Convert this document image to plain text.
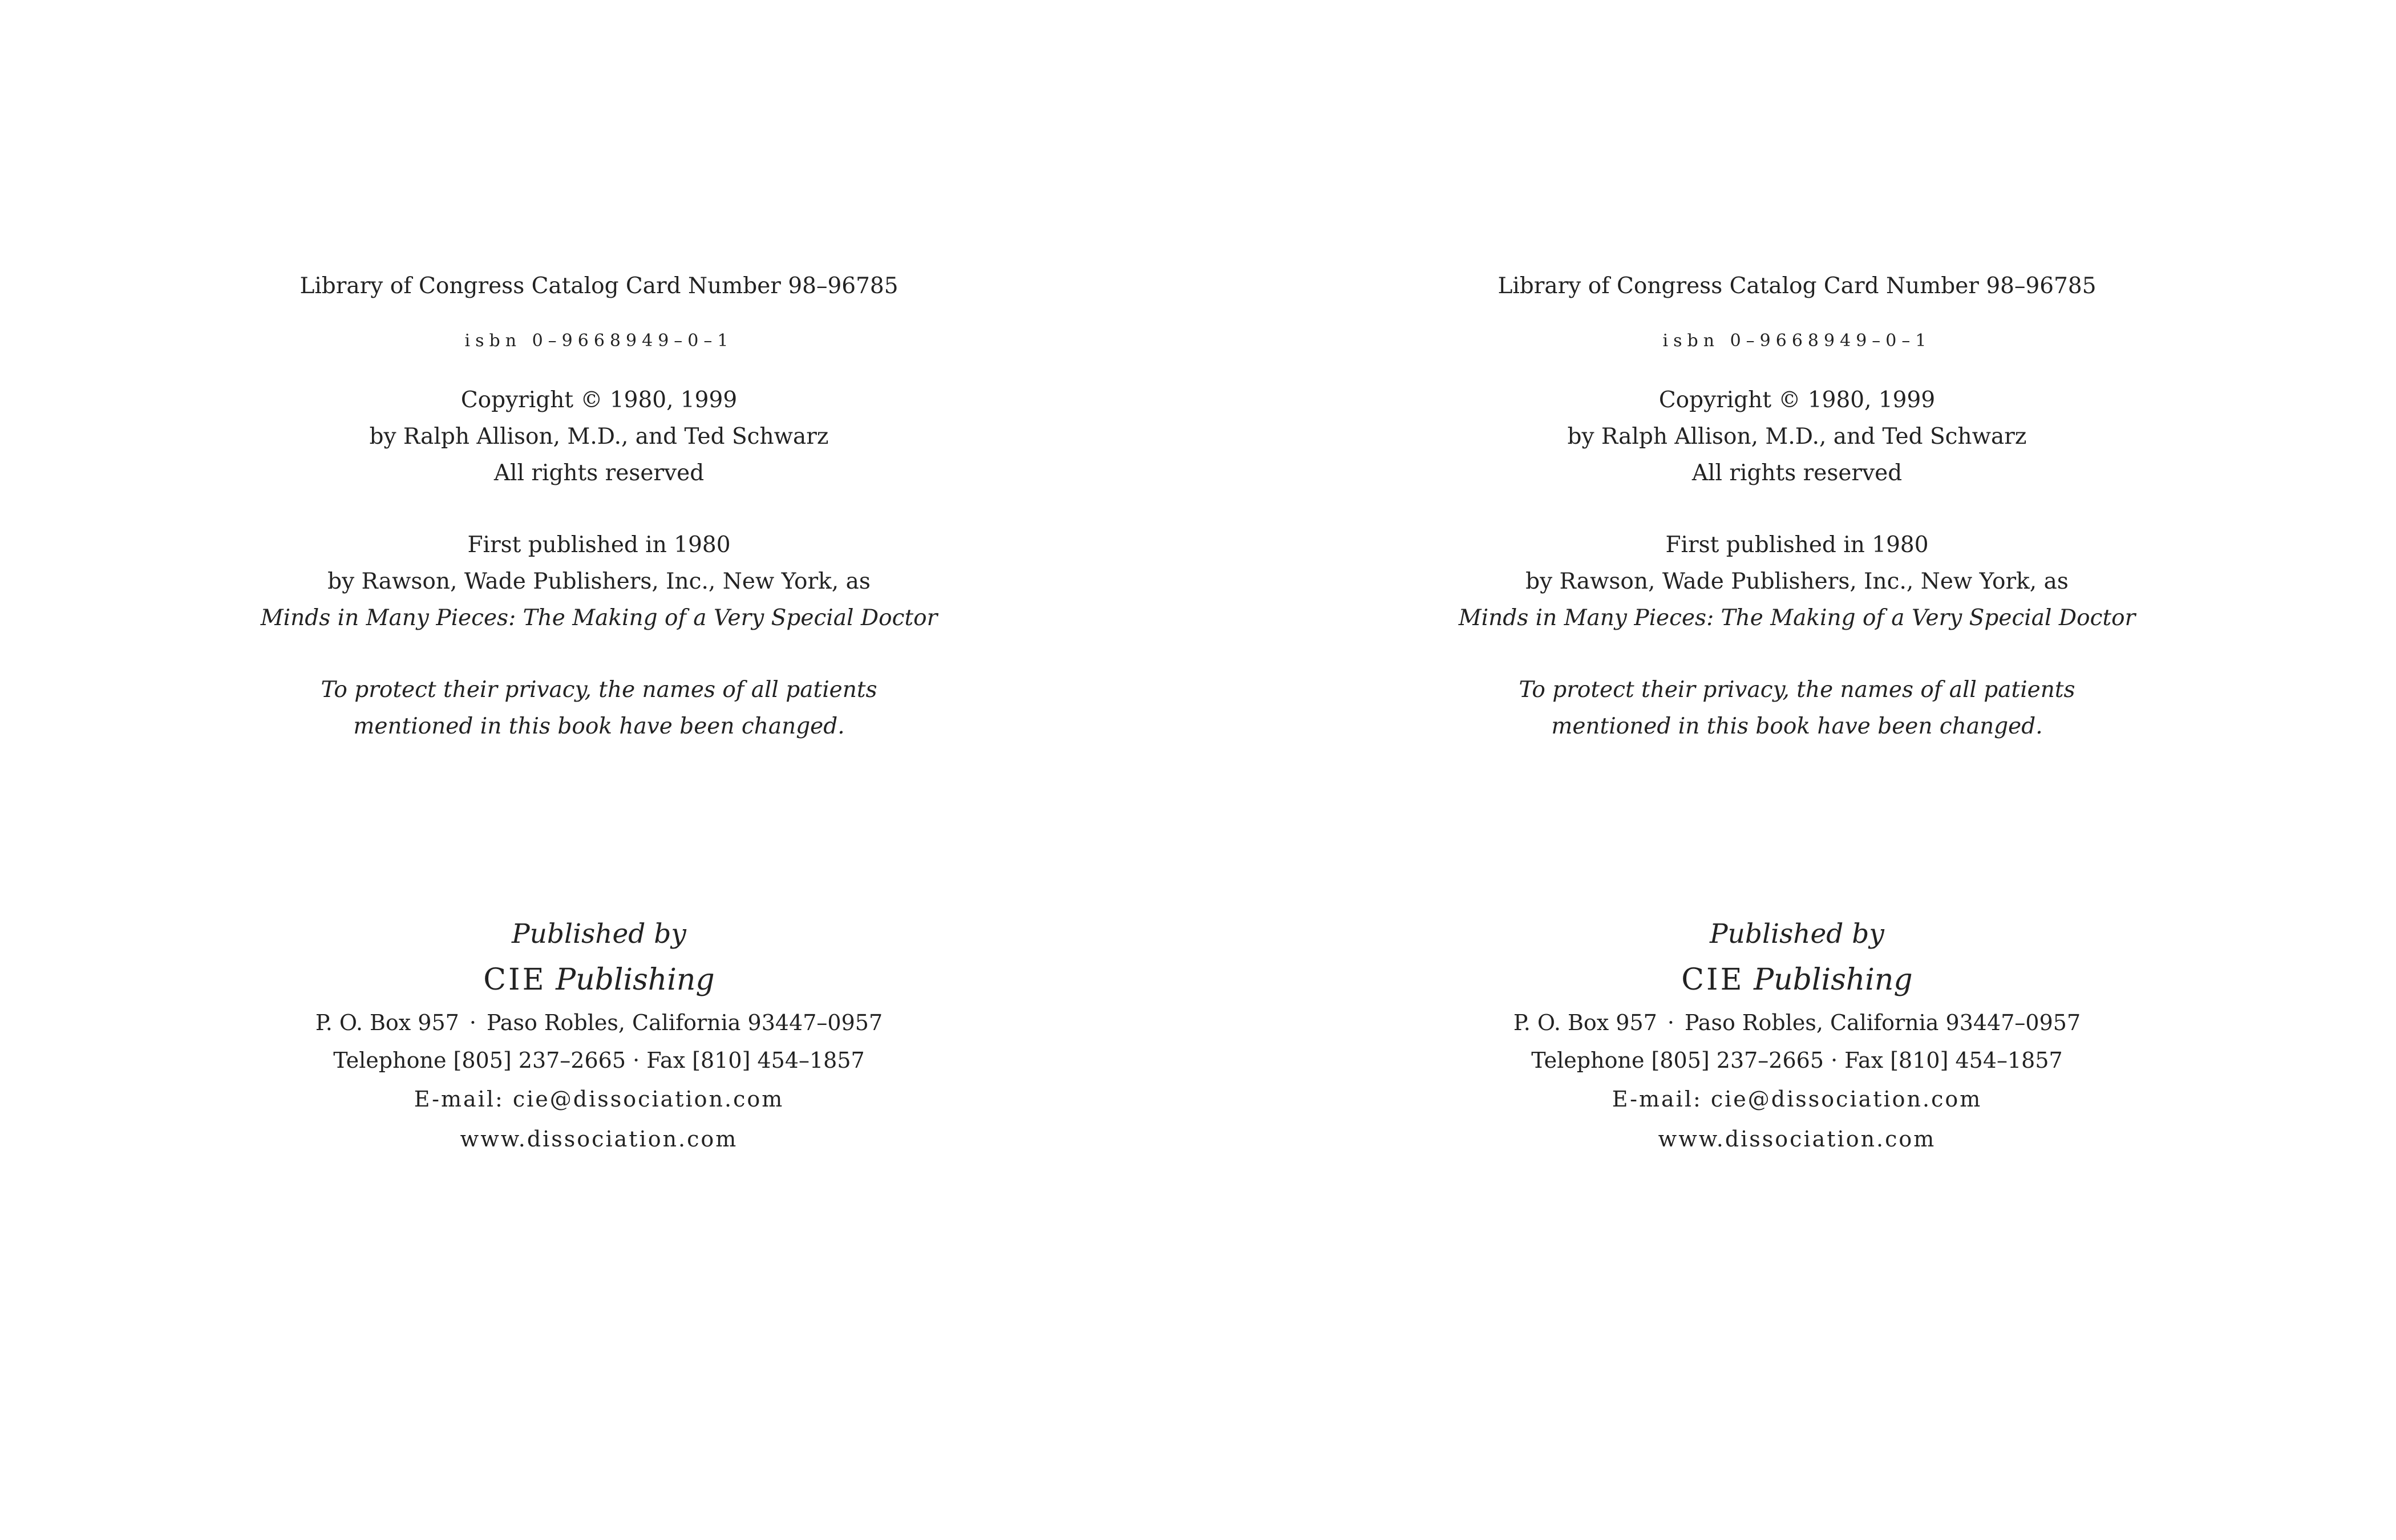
Library of Congress Catalog Card Number 98–96785
isbn 0–9668949–0–1
Copyright © 1980, 1999
by Ralph Allison, M.D., and Ted Schwarz
All rights reserved
First published in 1980
by Rawson, Wade Publishers, Inc., New York, as
Minds in Many Pieces: The Making of a Very Special Doctor
To protect their privacy, the names of all patients
mentioned in this book have been changed.
Published by
CIE Publishing
P. O. Box 957 · Paso Robles, California 93447–0957
Telephone [805] 237–2665 · Fax [810] 454–1857
E-mail: cie@dissociation.com
www.dissociation.com
Library of Congress Catalog Card Number 98–96785
isbn 0–9668949–0–1
Copyright © 1980, 1999
by Ralph Allison, M.D., and Ted Schwarz
All rights reserved
First published in 1980
by Rawson, Wade Publishers, Inc., New York, as
Minds in Many Pieces: The Making of a Very Special Doctor
To protect their privacy, the names of all patients
mentioned in this book have been changed.
Published by
CIE Publishing
P. O. Box 957 · Paso Robles, California 93447–0957
Telephone [805] 237–2665 · Fax [810] 454–1857
E-mail: cie@dissociation.com
www.dissociation.com
